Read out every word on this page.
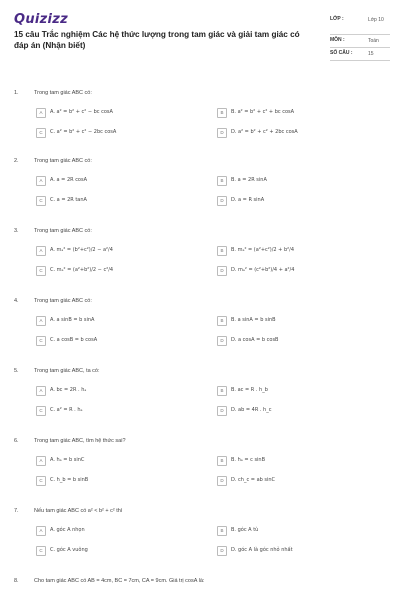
Quizizz
15 câu Trắc nghiệm Các hệ thức lượng trong tam giác và giải tam giác có đáp án (Nhận biết)
LỚP :	Lớp 10
MÔN :	Toán
SỐ CÂU :	15
1.	Trong tam giác ABC có:
A	A. a² = b² + c² − bc cosA	B	B. a² = b² + c² + bc cosA
C	C. a² = b² + c² − 2bc cosA	D	D. a² = b² + c² + 2bc cosA
2.	Trong tam giác ABC có:
A	A. a = 2R cosA	B	B. a = 2R sinA
C	C. a = 2R tanA	D	D. a = R sinA
3.	Trong tam giác ABC có:
A	A. mₐ² = (b²+c²)/2 − a²/4	B	B. mₐ² = (a²+c²)/2 + b²/4
C	C. mₐ² = (a²+b²)/2 − c²/4	D	D. mₐ² = (c²+b²)/4 + a²/4
4.	Trong tam giác ABC có:
A	A. a sinB = b sinA	B	B. a sinA = b sinB
C	C. a cosB = b cosA	D	D. a cosA = b cosB
5.	Trong tam giác ABC, ta có:
A	A. bc = 2R . hₐ	B	B. ac = R . h_b
C	C. a² = R . hₐ	D	D. ab = 4R . h_c
6.	Trong tam giác ABC, tìm hệ thức sai?
A	A. hₐ = b sinC	B	B. hₐ = c sinB
C	C. h_b = b sinB	D	D. ch_c = ab sinC
7.	Nếu tam giác ABC có a² < b² + c² thì
A	A. góc A nhọn	B	B. góc A tù
C	C. góc A vuông	D	D. góc A là góc nhỏ nhất
8.	Cho tam giác ABC có AB = 4cm, BC = 7cm, CA = 9cm. Giá trị cosA là:
